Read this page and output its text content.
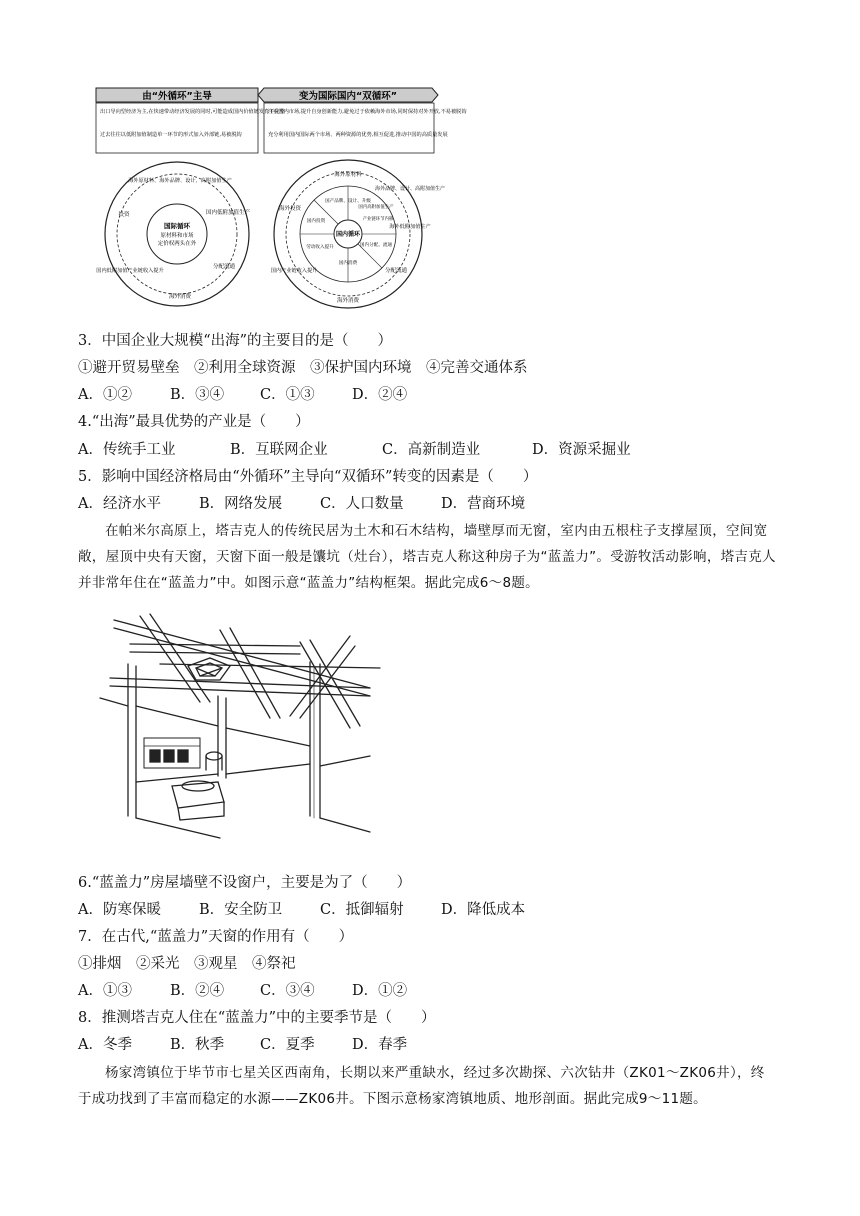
由“外循环”主导
出口导向型经济为主,在快速带动经济发展的同时,可能造成国内价值链发育不完整
过去往往以低附加值制造单一环节的形式加入外部链,易被脱钩
变为国际国内“双循环”
注重国内市场,提升自身创新能力,避免过于依赖海外市场,同时保持对外开放,不易被脱钩
充分利用国内国际两个市场、两种资源的优势,相互促进,推动中国的高质量发展
国际循环
原材料和市场
定价权两头在外
海外原材料、海外品牌、设计、高附加值生产
国内低附加值生产
分配流通
海外消费
国内低附加值产业链收入提升
投资
国内循环
海外原材料
海外品牌、设计、高附加值生产
海外低附加值生产
分配流通
海外消费
国内产业链收入提升
海外投资
国产品牌、设计、升级
国内高附加值生产
国内投资	产业链环节内移
国内分配、流通
国内消费
劳动收入提升
3．中国企业大规模“出海”的主要目的是（　　）
①避开贸易壁垒　②利用全球资源　③保护国内环境　④完善交通体系
A．①②	B．③④ C．①③	D．②④
4.“出海”最具优势的产业是（　　）
A．传统手工业	B．互联网企业	C．高新制造业	D．资源采掘业
5．影响中国经济格局由“外循环”主导向“双循环”转变的因素是（　　）
A．经济水平	B．网络发展	C．人口数量	D．营商环境
在帕米尔高原上，塔吉克人的传统民居为土木和石木结构，墙壁厚而无窗，室内由五根柱子支撑屋顶，空间宽敞，屋顶中央有天窗，天窗下面一般是馕坑（灶台），塔吉克人称这种房子为“蓝盖力”。受游牧活动影响，塔吉克人并非常年住在“蓝盖力”中。如图示意“蓝盖力”结构框架。据此完成6～8题。
6.“蓝盖力”房屋墙壁不设窗户，主要是为了（　　）
A．防寒保暖	B．安全防卫	C．抵御辐射	D．降低成本
7．在古代,“蓝盖力”天窗的作用有（　　）
①排烟　②采光　③观星　④祭祀
A．①③	B．②④ C．③④	D．①②
8．推测塔吉克人住在“蓝盖力”中的主要季节是（　　）
A．冬季	B．秋季 C．夏季	D．春季
杨家湾镇位于毕节市七星关区西南角，长期以来严重缺水，经过多次勘探、六次钻井（ZK01～ZK06井），终于成功找到了丰富而稳定的水源——ZK06井。下图示意杨家湾镇地质、地形剖面。据此完成9～11题。
